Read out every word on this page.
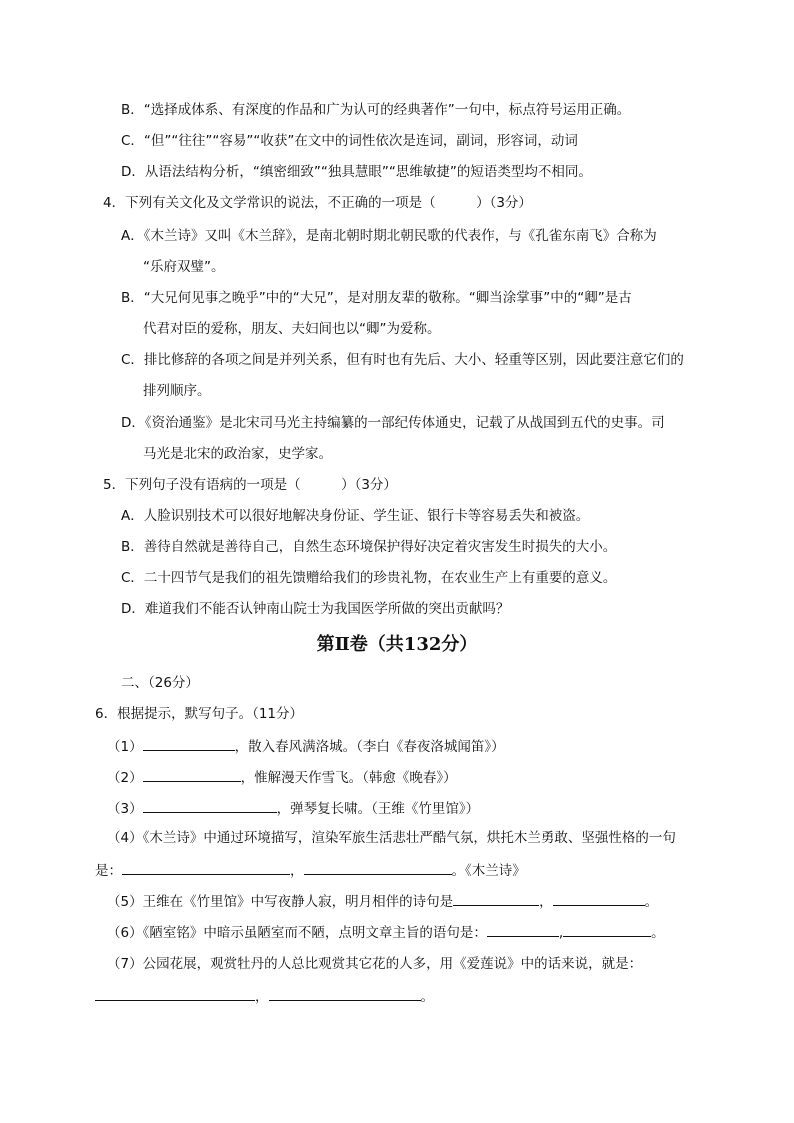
B．“选择成体系、有深度的作品和广为认可的经典著作”一句中，标点符号运用正确。
C．“但”“往往”“容易”“收获”在文中的词性依次是连词，副词，形容词，动词
D．从语法结构分析，“缜密细致”“独具慧眼”“思维敏捷”的短语类型均不相同。
4．下列有关文化及文学常识的说法，不正确的一项是（　　　）（3分）
A．《木兰诗》又叫《木兰辞》，是南北朝时期北朝民歌的代表作，与《孔雀东南飞》合称为
“乐府双璧”。
B．“大兄何见事之晚乎”中的“大兄”，是对朋友辈的敬称。“卿当涂掌事”中的“卿”是古
代君对臣的爱称，朋友、夫妇间也以“卿”为爱称。
C．排比修辞的各项之间是并列关系，但有时也有先后、大小、轻重等区别，因此要注意它们的
排列顺序。
D．《资治通鉴》是北宋司马光主持编纂的一部纪传体通史，记载了从战国到五代的史事。司
马光是北宋的政治家，史学家。
5．下列句子没有语病的一项是（　　　）（3分）
A．人脸识别技术可以很好地解决身份证、学生证、银行卡等容易丢失和被盗。
B．善待自然就是善待自己，自然生态环境保护得好决定着灾害发生时损失的大小。
C．二十四节气是我们的祖先馈赠给我们的珍贵礼物，在农业生产上有重要的意义。
D．难道我们不能否认钟南山院士为我国医学所做的突出贡献吗？
第Ⅱ卷（共132分）
二、（26分）
6．根据提示，默写句子。（11分）
（1）	，散入春风满洛城。（李白《春夜洛城闻笛》）
（2）	，惟解漫天作雪飞。（韩愈《晚春》）
（3）	，弹琴复长啸。（王维《竹里馆》）
（4）《木兰诗》中通过环境描写，渲染军旅生活悲壮严酷气氛，烘托木兰勇敢、坚强性格的一句
是：	，	。《木兰诗》
（5）王维在《竹里馆》中写夜静人寂，明月相伴的诗句是	，	。
（6）《陋室铭》中暗示虽陋室而不陋，点明文章主旨的语句是：	,	。
（7）公园花展，观赏牡丹的人总比观赏其它花的人多，用《爱莲说》中的话来说，就是：
，	。
